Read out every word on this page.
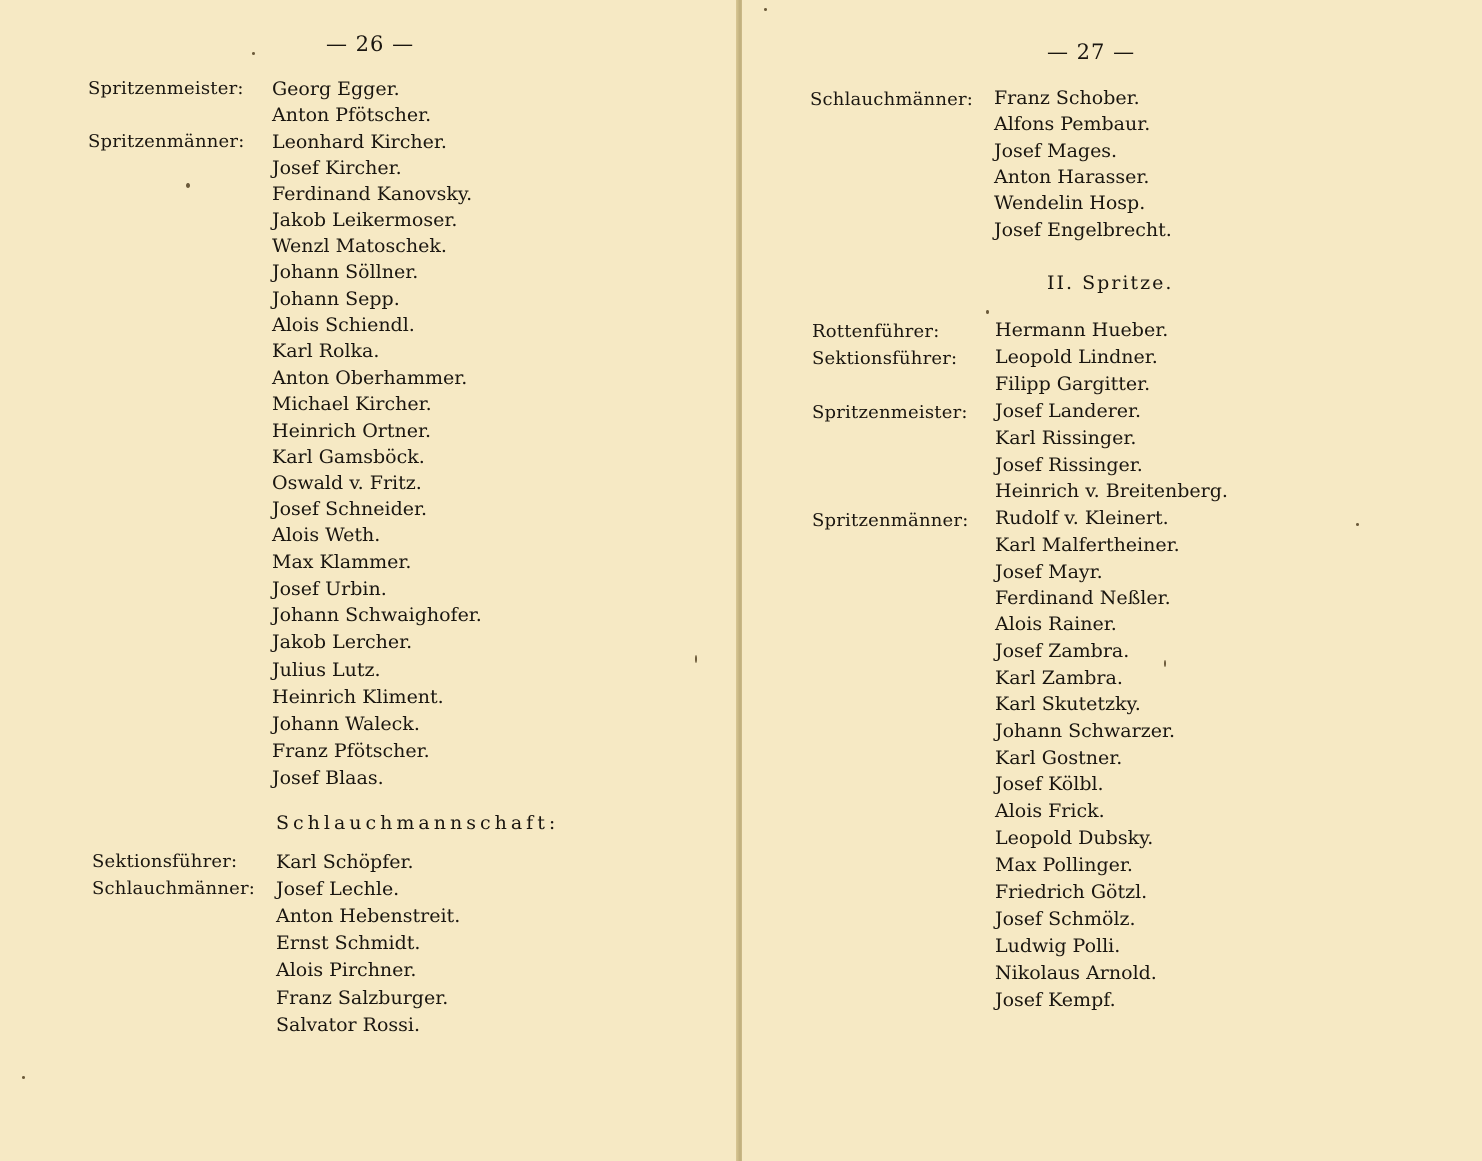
— 26 —
Spritzenmeister:
Spritzenmänner:
Georg Egger.
Anton Pfötscher.
Leonhard Kircher.
Josef Kircher.
Ferdinand Kanovsky.
Jakob Leikermoser.
Wenzl Matoschek.
Johann Söllner.
Johann Sepp.
Alois Schiendl.
Karl Rolka.
Anton Oberhammer.
Michael Kircher.
Heinrich Ortner.
Karl Gamsböck.
Oswald v. Fritz.
Josef Schneider.
Alois Weth.
Max Klammer.
Josef Urbin.
Johann Schwaighofer.
Jakob Lercher.
Julius Lutz.
Heinrich Kliment.
Johann Waleck.
Franz Pfötscher.
Josef Blaas.
Schlauchmannschaft:
Sektionsführer:
Schlauchmänner:
Karl Schöpfer.
Josef Lechle.
Anton Hebenstreit.
Ernst Schmidt.
Alois Pirchner.
Franz Salzburger.
Salvator Rossi.
— 27 —
Schlauchmänner: Franz Schober.
Alfons Pembaur.
Josef Mages.
Anton Harasser.
Wendelin Hosp.
Josef Engelbrecht.
II. Spritze.
Rottenführer:
Sektionsführer:
Spritzenmeister:
Spritzenmänner:
Hermann Hueber.
Leopold Lindner.
Filipp Gargitter.
Josef Landerer.
Karl Rissinger.
Josef Rissinger.
Heinrich v. Breitenberg.
Rudolf v. Kleinert.
Karl Malfertheiner.
Josef Mayr.
Ferdinand Neßler.
Alois Rainer.
Josef Zambra.
Karl Zambra.
Karl Skutetzky.
Johann Schwarzer.
Karl Gostner.
Josef Kölbl.
Alois Frick.
Leopold Dubsky.
Max Pollinger.
Friedrich Götzl.
Josef Schmölz.
Ludwig Polli.
Nikolaus Arnold.
Josef Kempf.
